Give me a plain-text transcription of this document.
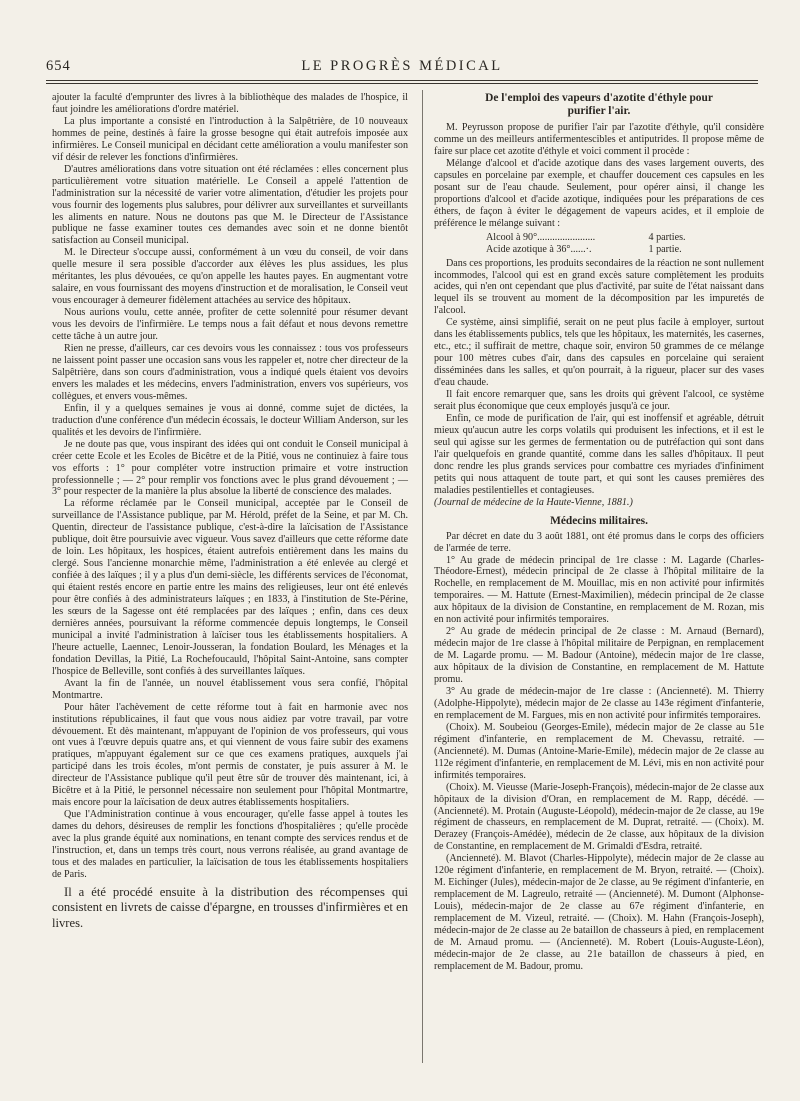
654	LE PROGRÈS MÉDICAL

ajouter la faculté d'emprunter des livres à la bibliothèque des malades de l'hospice, il faut joindre les améliorations d'ordre matériel.

La plus importante a consisté en l'introduction à la Salpêtrière, de 10 nouveaux hommes de peine, destinés à faire la grosse besogne qui était autrefois imposée aux infirmières. Le Conseil municipal en décidant cette amélioration a voulu manifester son vif désir de relever les fonctions d'infirmières.

D'autres améliorations dans votre situation ont été réclamées : elles concernent plus particulièrement votre situation matérielle. Le Conseil a appelé l'attention de l'administration sur la nécessité de varier votre alimentation, d'étudier les projets pour vous fournir des logements plus salubres, pour délivrer aux surveillantes et surveillants les aliments en nature. Nous ne doutons pas que M. le Directeur de l'Assistance publique ne fasse examiner toutes ces demandes avec soin et ne donne bientôt satisfaction au Conseil municipal.

M. le Directeur s'occupe aussi, conformément à un vœu du conseil, de voir dans quelle mesure il sera possible d'accorder aux élèves les plus assidues, les plus méritantes, les plus dévouées, ce qu'on appelle les hautes payes. En augmentant votre salaire, en vous fournissant des moyens d'instruction et de moralisation, le Conseil veut vous encourager à demeurer fidèlement attachées au service des hôpitaux.

Nous aurions voulu, cette année, profiter de cette solennité pour résumer devant vous les devoirs de l'infirmière. Le temps nous a fait défaut et nous devons remettre cette tâche à un autre jour.

Rien ne presse, d'ailleurs, car ces devoirs vous les connaissez : tous vos professeurs ne laissent point passer une occasion sans vous les rappeler et, notre cher directeur de la Salpêtrière, dans son cours d'administration, vous a indiqué quels étaient vos devoirs envers les malades et les médecins, envers l'administration, envers vos supérieurs, vos collègues, et envers vous-mêmes.

Enfin, il y a quelques semaines je vous ai donné, comme sujet de dictées, la traduction d'une conférence d'un médecin écossais, le docteur William Anderson, sur les qualités et les devoirs de l'infirmière.

Je ne doute pas que, vous inspirant des idées qui ont conduit le Conseil municipal à créer cette Ecole et les Ecoles de Bicêtre et de la Pitié, vous ne continuiez à faire tous vos efforts : 1° pour compléter votre instruction primaire et votre instruction professionnelle ; — 2° pour remplir vos fonctions avec le plus grand dévouement ; — 3° pour respecter de la manière la plus absolue la liberté de conscience des malades.

La réforme réclamée par le Conseil municipal, acceptée par le Conseil de surveillance de l'Assistance publique, par M. Hérold, préfet de la Seine, et par M. Ch. Quentin, directeur de l'assistance publique, c'est-à-dire la laïcisation de l'Assistance publique, doit être poursuivie avec vigueur. Vous savez d'ailleurs que cette réforme date de loin. Les hôpitaux, les hospices, étaient autrefois entièrement dans les mains du clergé. Sous l'ancienne monarchie même, l'administration a été enlevée au clergé et confiée à des laïques ; il y a plus d'un demi-siècle, les différents services de l'économat, qui étaient restés encore en partie entre les mains des religieuses, leur ont été enlevés pour être confiés à des administrateurs laïques ; en 1833, à l'institution de Ste-Périne, les sœurs de la Sagesse ont été remplacées par des laïques ; enfin, dans ces deux dernières années, poursuivant la réforme commencée depuis longtemps, le Conseil municipal a invité l'administration à laïciser tous les établissements hospitaliers. A l'heure actuelle, Laennec, Lenoir-Jousseran, la fondation Boulard, les Ménages et la fondation Devillas, la Pitié, La Rochefoucauld, l'hôpital Saint-Antoine, sans compter l'hospice de Belleville, sont confiés à des surveillantes laïques.

Avant la fin de l'année, un nouvel établissement vous sera confié, l'hôpital Montmartre.

Pour hâter l'achèvement de cette réforme tout à fait en harmonie avec nos institutions républicaines, il faut que vous nous aidiez par votre travail, par votre dévouement. Et dès maintenant, m'appuyant de l'opinion de vos professeurs, qui vous ont vues à l'œuvre depuis quatre ans, et qui viennent de vous faire subir des examens pratiques, m'appuyant également sur ce que ces examens pratiques, auxquels j'ai participé dans les trois écoles, m'ont permis de constater, je puis assurer à M. le directeur de l'Assistance publique qu'il peut être sûr de trouver dès maintenant, ici, à Bicêtre et à la Pitié, le personnel nécessaire non seulement pour l'hôpital Montmartre, mais encore pour la laïcisation de deux autres établissements hospitaliers.

Que l'Administration continue à vous encourager, qu'elle fasse appel à toutes les dames du dehors, désireuses de remplir les fonctions d'hospitalières ; qu'elle procède avec la plus grande équité aux nominations, en tenant compte des services rendus et de l'instruction, et, dans un temps très court, nous verrons réalisée, au grand avantage de tous et des malades en particulier, la laïcisation de tous les établissements hospitaliers de Paris.

Il a été procédé ensuite à la distribution des récompenses qui consistent en livrets de caisse d'épargne, en trousses d'infirmières et en livres.

De l'emploi des vapeurs d'azotite d'éthyle pour

purifier l'air.

M. Peyrusson propose de purifier l'air par l'azotite d'éthyle, qu'il considère comme un des meilleurs antifermentescibles et antiputrides. Il propose même de faire sur place cet azotite d'éthyle et voici comment il procède :

Mélange d'alcool et d'acide azotique dans des vases largement ouverts, des capsules en porcelaine par exemple, et chauffer doucement ces capsules en les posant sur de l'eau chaude. Seulement, pour opérer ainsi, il change les proportions d'alcool et d'acide azotique, indiquées pour les préparations de ces éthers, de façon à éviter le dégagement de vapeurs acides, et il emploie de préférence le mélange suivant :

Alcool à 90°.......................	4 parties.
Acide azotique à 36°......·.	1 partie.

Dans ces proportions, les produits secondaires de la réaction ne sont nullement incommodes, l'alcool qui est en grand excès sature complètement les produits acides, qui n'en ont cependant que plus d'activité, par suite de l'état naissant dans lequel ils se trouvent au moment de la décomposition par les impuretés de l'alcool.

Ce système, ainsi simplifié, serait on ne peut plus facile à employer, surtout dans les établissements publics, tels que les hôpitaux, les maternités, les casernes, etc., etc.; il suffirait de mettre, chaque soir, environ 50 grammes de ce mélange pour 100 mètres cubes d'air, dans des capsules en porcelaine qui seraient disséminées dans les salles, et qu'on pourrait, à la rigueur, placer sur des vases d'eau chaude.

Il fait encore remarquer que, sans les droits qui grèvent l'alcool, ce système serait plus économique que ceux employés jusqu'à ce jour.

Enfin, ce mode de purification de l'air, qui est inoffensif et agréable, détruit mieux qu'aucun autre les corps volatils qui produisent les infections, et il est le seul qui agisse sur les germes de fermentation ou de putréfaction qui sont dans l'air quelquefois en grande quantité, comme dans les salles d'hôpitaux. Il peut donc rendre les plus grands services pour combattre ces myriades d'infiniment petits qui nous attaquent de toute part, et qui sont les causes premières des maladies pestilentielles et contagieuses.

(Journal de médecine de la Haute-Vienne, 1881.)

Médecins militaires.

Par décret en date du 3 août 1881, ont été promus dans le corps des officiers de l'armée de terre.

1° Au grade de médecin principal de 1re classe : M. Lagarde (Charles-Théodore-Ernest), médecin principal de 2e classe à l'hôpital militaire de la Rochelle, en remplacement de M. Mouillac, mis en non activité pour infirmités temporaires. — M. Hattute (Ernest-Maximilien), médecin principal de 2e classe aux hôpitaux de la division de Constantine, en remplacement de M. Rozan, mis en non activité pour infirmités temporaires.

2° Au grade de médecin principal de 2e classe : M. Arnaud (Bernard), médecin major de 1re classe à l'hôpital militaire de Perpignan, en remplacement de M. Lagarde promu. — M. Badour (Antoine), médecin major de 1re classe, aux hôpitaux de la division de Constantine, en remplacement de M. Hattute promu.

3° Au grade de médecin-major de 1re classe : (Ancienneté). M. Thierry (Adolphe-Hippolyte), médecin major de 2e classe au 143e régiment d'infanterie, en remplacement de M. Fargues, mis en non activité pour infirmités temporaires.

(Choix). M. Soubeiou (Georges-Emile), médecin major de 2e classe au 51e régiment d'infanterie, en remplacement de M. Chevassu, retraité. — (Ancienneté). M. Dumas (Antoine-Marie-Emile), médecin major de 2e classe au 112e régiment d'infanterie, en remplacement de M. Lévi, mis en non activité pour infirmités temporaires.

(Choix). M. Vieusse (Marie-Joseph-François), médecin-major de 2e classe aux hôpitaux de la division d'Oran, en remplacement de M. Rapp, décédé. — (Ancienneté). M. Protain (Auguste-Léopold), médecin-major de 2e classe, au 19e régiment de chasseurs, en remplacement de M. Duprat, retraité. — (Choix). M. Derazey (François-Amédée), médecin de 2e classe, aux hôpitaux de la division de Constantine, en remplacement de M. Grimaldi d'Esdra, retraité.

(Ancienneté). M. Blavot (Charles-Hippolyte), médecin major de 2e classe au 120e régiment d'infanterie, en remplacement de M. Bryon, retraité. — (Choix). M. Eichinger (Jules), médecin-major de 2e classe, au 9e régiment d'infanterie, en remplacement de M. Lagreulo, retraité — (Ancienneté). M. Dumont (Alphonse-Louis), médecin-major de 2e classe au 67e régiment d'infanterie, en remplacement de M. Vizeul, retraité. — (Choix). M. Hahn (François-Joseph), médecin-major de 2e classe au 2e bataillon de chasseurs à pied, en remplacement de M. Arnaud promu. — (Ancienneté). M. Robert (Louis-Auguste-Léon), médecin-major de 2e classe, au 21e bataillon de chasseurs à pied, en remplacement de M. Badour, promu.
